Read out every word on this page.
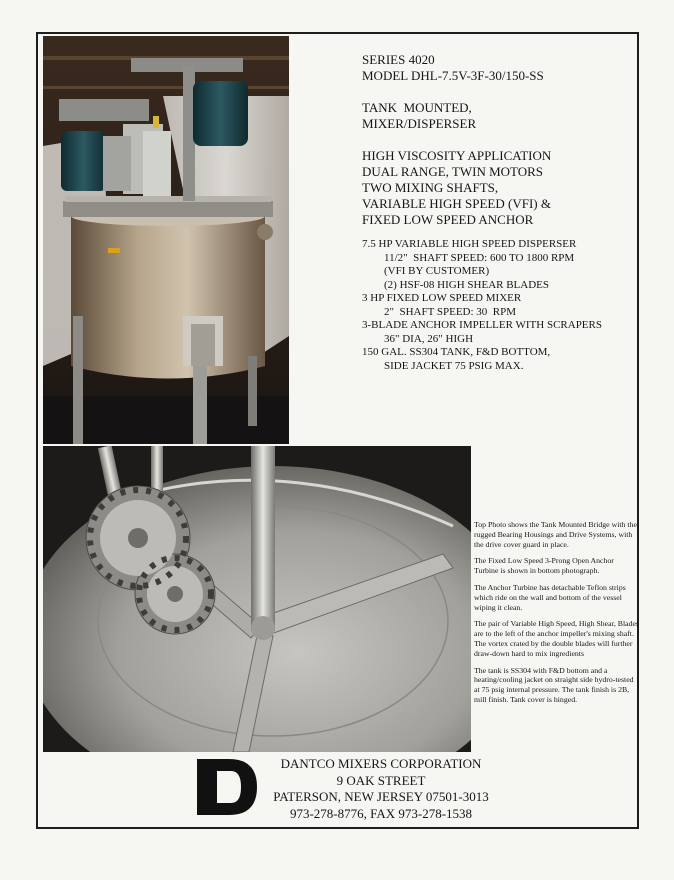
SERIES 4020
MODEL DHL-7.5V-3F-30/150-SS
TANK  MOUNTED,
MIXER/DISPERSER
HIGH VISCOSITY APPLICATION
DUAL RANGE, TWIN MOTORS
TWO MIXING SHAFTS,
VARIABLE HIGH SPEED (VFI) &
FIXED LOW SPEED ANCHOR
7.5 HP VARIABLE HIGH SPEED DISPERSER
11/2"  SHAFT SPEED: 600 TO 1800 RPM
(VFI BY CUSTOMER)
(2) HSF-08 HIGH SHEAR BLADES
3 HP FIXED LOW SPEED MIXER
2"  SHAFT SPEED: 30  RPM
3-BLADE ANCHOR IMPELLER WITH SCRAPERS
36" DIA, 26" HIGH
150 GAL. SS304 TANK, F&D BOTTOM,
SIDE JACKET 75 PSIG MAX.

Top Photo shows the Tank Mounted Bridge with the rugged Bearing Housings and Drive Systems, with the drive cover guard in place.

The Fixed Low Speed 3-Prong Open Anchor Turbine is shown in bottom photograph.

The Anchor Turbine has detachable Teflon strips which ride on the wall and bottom of the vessel wiping it clean.

The pair of Variable High Speed, High Shear, Blades are to the left of the anchor impeller's mixing shaft. The vortex crated by the double blades will further draw-down hard to mix ingredients

The tank is SS304 with F&D bottom and a heating/cooling jacket on straight side hydro-tested at 75 psig internal pressure. The tank finish is 2B, mill finish. Tank cover is hinged.

DANTCO MIXERS CORPORATION
9 OAK STREET
PATERSON, NEW JERSEY 07501-3013
973-278-8776, FAX 973-278-1538
